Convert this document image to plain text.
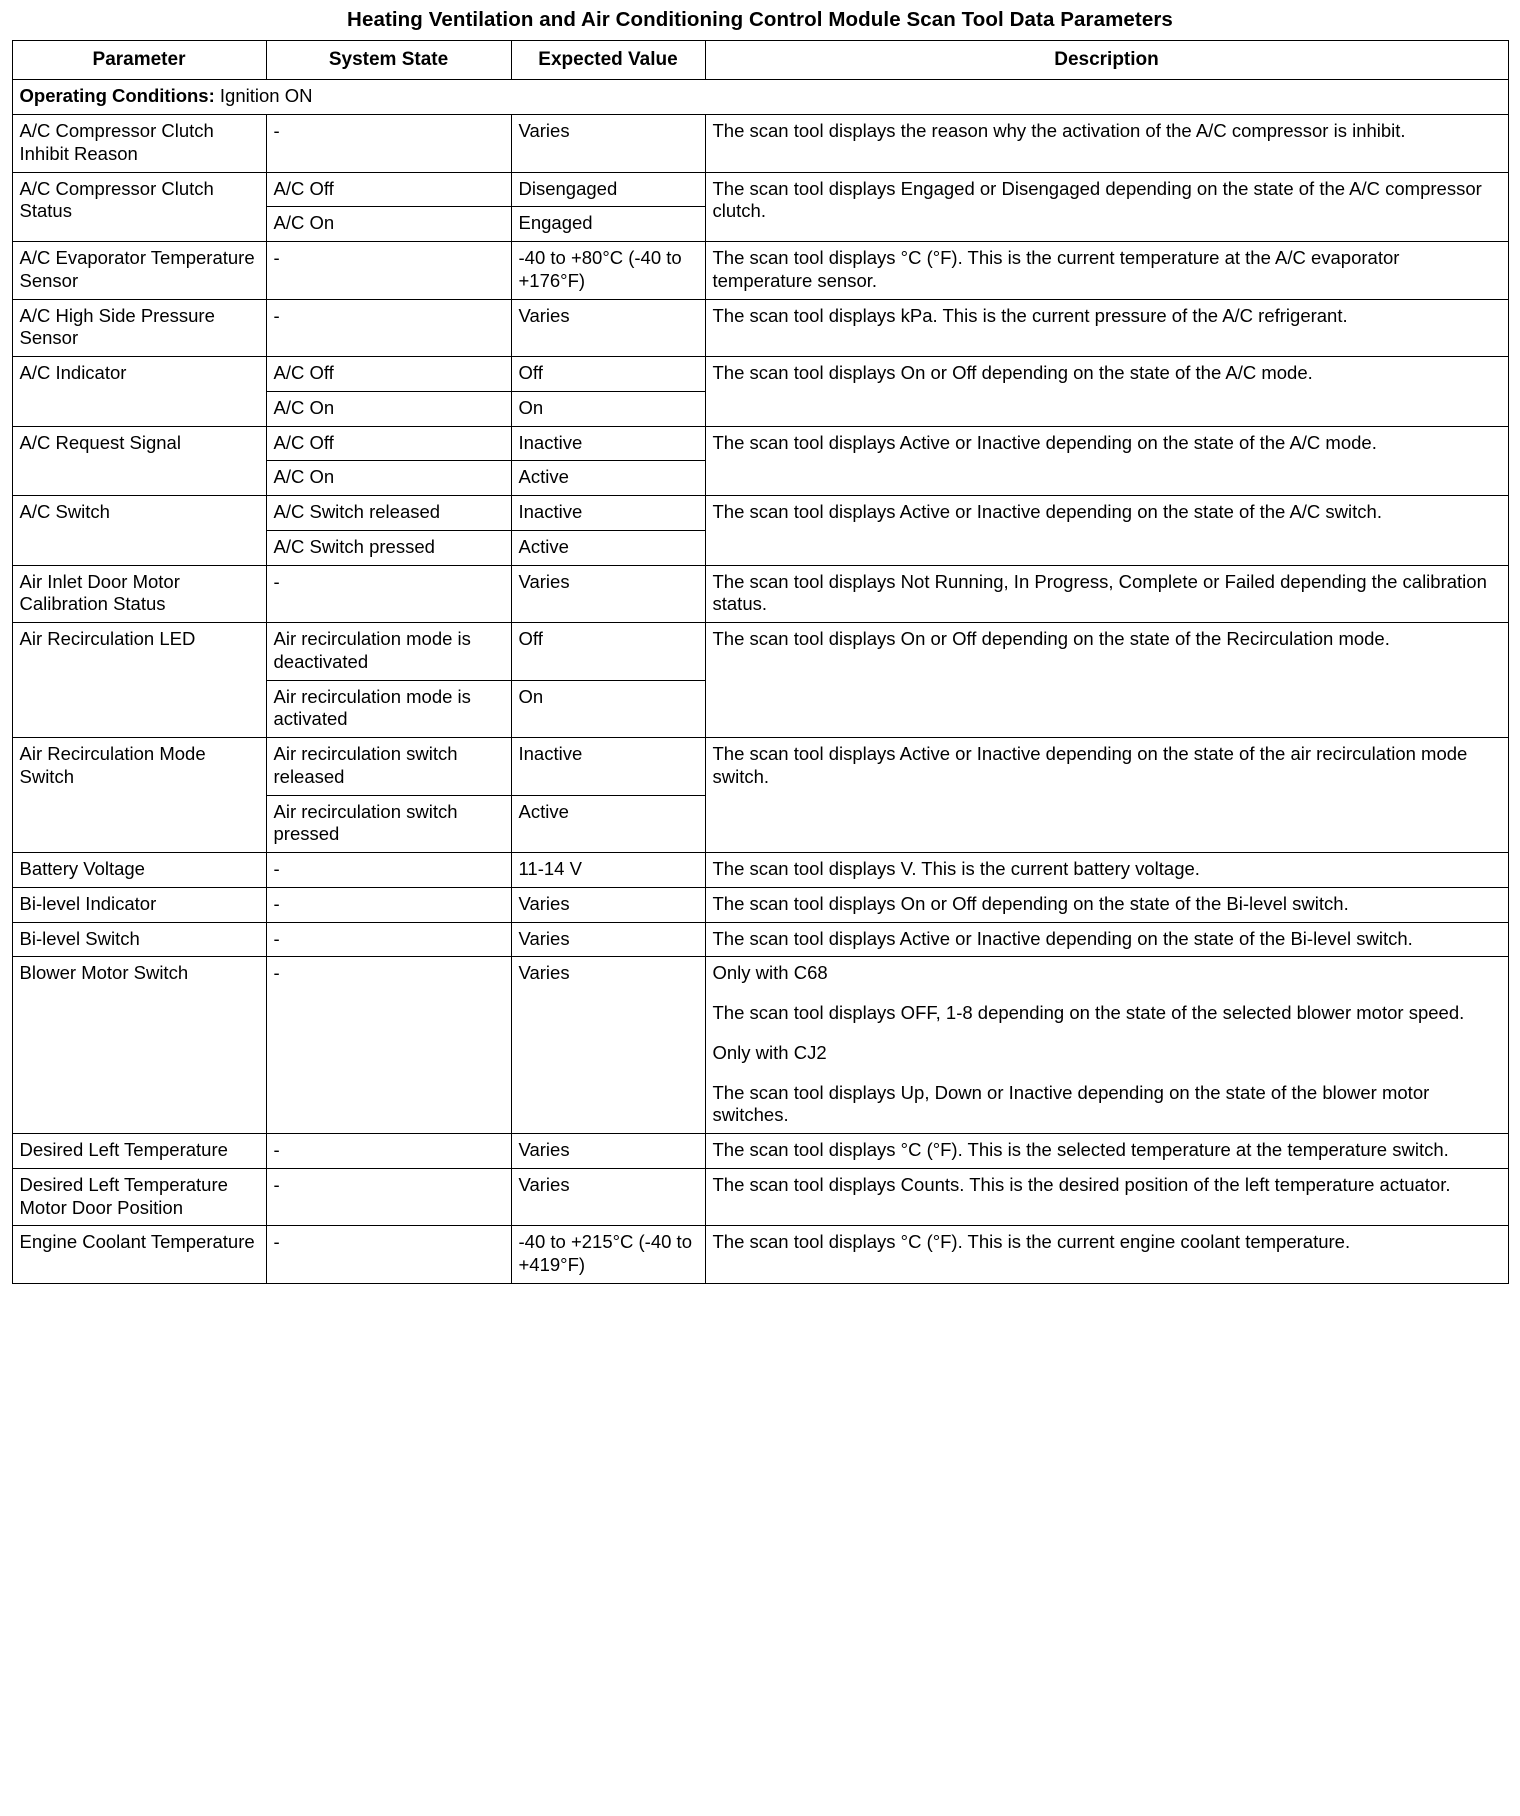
Heating Ventilation and Air Conditioning Control Module Scan Tool Data Parameters
Parameter	System State	Expected Value	Description
Operating Conditions: Ignition ON			
A/C Compressor Clutch Inhibit Reason	-	Varies	The scan tool displays the reason why the activation of the A/C compressor is inhibit.
A/C Compressor Clutch Status	A/C Off	Disengaged	The scan tool displays Engaged or Disengaged depending on the state of the A/C compressor clutch.
	A/C On	Engaged	
A/C Evaporator Temperature Sensor	-	-40 to +80°C (-40 to +176°F)	The scan tool displays °C (°F). This is the current temperature at the A/C evaporator temperature sensor.
A/C High Side Pressure Sensor	-	Varies	The scan tool displays kPa. This is the current pressure of the A/C refrigerant.
A/C Indicator	A/C Off	Off	The scan tool displays On or Off depending on the state of the A/C mode.
	A/C On	On	
A/C Request Signal	A/C Off	Inactive	The scan tool displays Active or Inactive depending on the state of the A/C mode.
	A/C On	Active	
A/C Switch	A/C Switch released	Inactive	The scan tool displays Active or Inactive depending on the state of the A/C switch.
	A/C Switch pressed	Active	
Air Inlet Door Motor Calibration Status	-	Varies	The scan tool displays Not Running, In Progress, Complete or Failed depending the calibration status.
Air Recirculation LED	Air recirculation mode is deactivated	Off	The scan tool displays On or Off depending on the state of the Recirculation mode.
	Air recirculation mode is activated	On	
Air Recirculation Mode Switch	Air recirculation switch released	Inactive	The scan tool displays Active or Inactive depending on the state of the air recirculation mode switch.
	Air recirculation switch pressed	Active	
Battery Voltage	-	11-14 V	The scan tool displays V. This is the current battery voltage.
Bi-level Indicator	-	Varies	The scan tool displays On or Off depending on the state of the Bi-level switch.
Bi-level Switch	-	Varies	The scan tool displays Active or Inactive depending on the state of the Bi-level switch.
Blower Motor Switch	-	Varies	Only with C68

The scan tool displays OFF, 1-8 depending on the state of the selected blower motor speed.

Only with CJ2

The scan tool displays Up, Down or Inactive depending on the state of the blower motor switches.

Desired Left Temperature	-	Varies	The scan tool displays °C (°F). This is the selected temperature at the temperature switch.
Desired Left Temperature Motor Door Position	-	Varies	The scan tool displays Counts. This is the desired position of the left temperature actuator.
Engine Coolant Temperature	-	-40 to +215°C (-40 to +419°F)	The scan tool displays °C (°F). This is the current engine coolant temperature.
